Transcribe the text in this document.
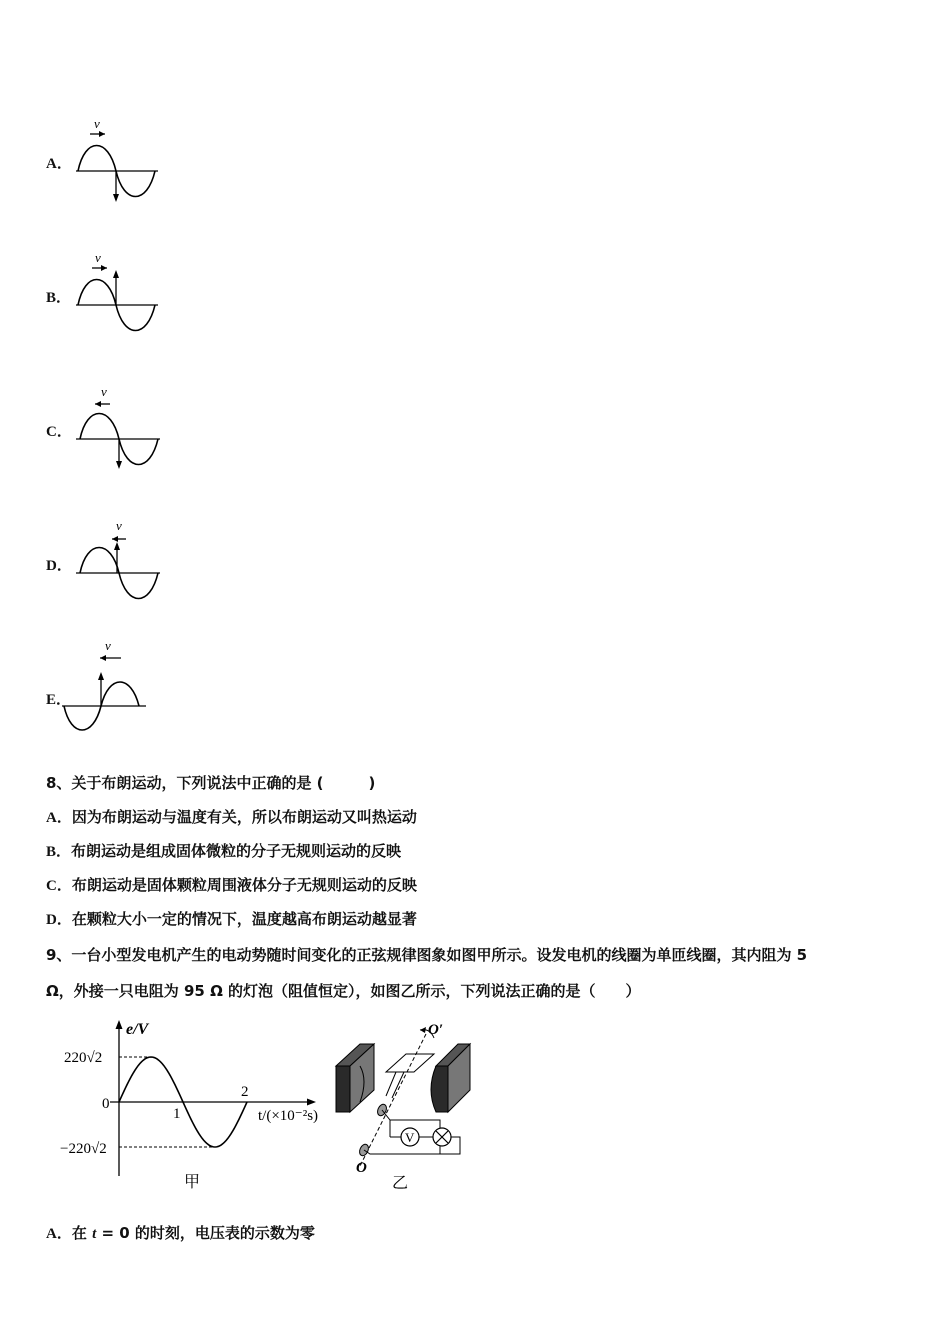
A．
v
B．
v
C．
v
D．
v
E．
v
8、关于布朗运动，下列说法中正确的是 (　　　)
A．因为布朗运动与温度有关，所以布朗运动又叫热运动
B．布朗运动是组成固体微粒的分子无规则运动的反映
C．布朗运动是固体颗粒周围液体分子无规则运动的反映
D．在颗粒大小一定的情况下，温度越高布朗运动越显著
9、一台小型发电机产生的电动势随时间变化的正弦规律图象如图甲所示。设发电机的线圈为单匝线圈，其内阻为 5
Ω，外接一只电阻为 95 Ω 的灯泡（阻值恒定），如图乙所示，下列说法正确的是（　　）
e/V
220√2
0
−220√2
1
2
t/(×10⁻²s)
甲
V
O′
O
乙
A．在 t = 0 的时刻，电压表的示数为零
